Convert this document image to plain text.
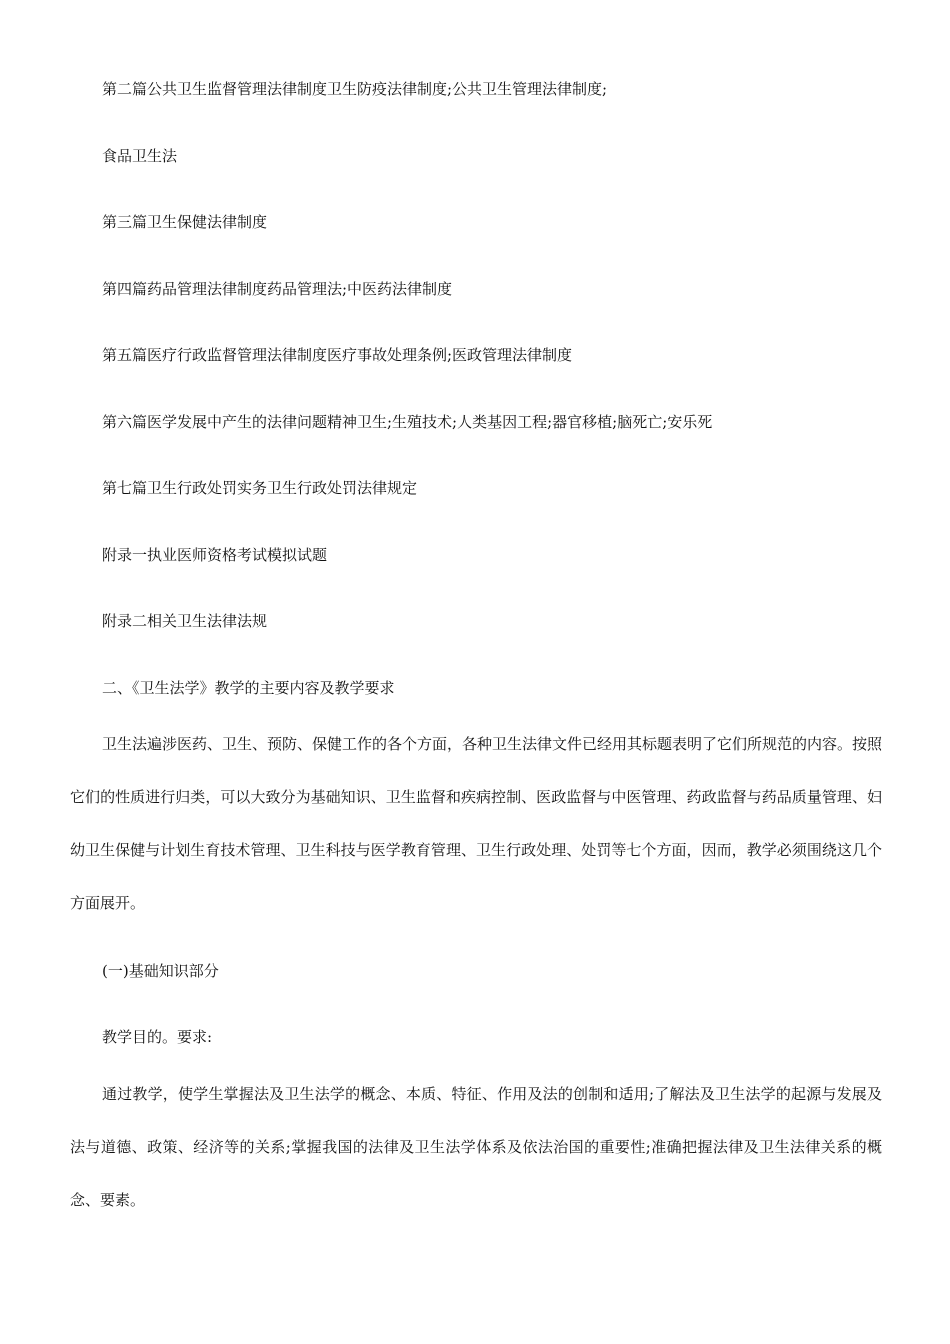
第二篇公共卫生监督管理法律制度卫生防疫法律制度;公共卫生管理法律制度;
食品卫生法
第三篇卫生保健法律制度
第四篇药品管理法律制度药品管理法;中医药法律制度
第五篇医疗行政监督管理法律制度医疗事故处理条例;医政管理法律制度
第六篇医学发展中产生的法律问题精神卫生;生殖技术;人类基因工程;器官移植;脑死亡;安乐死
第七篇卫生行政处罚实务卫生行政处罚法律规定
附录一执业医师资格考试模拟试题
附录二相关卫生法律法规
二、《卫生法学》教学的主要内容及教学要求

卫生法遍涉医药、卫生、预防、保健工作的各个方面，各种卫生法律文件已经用其标题表明了它们所规范的内容。按照它们的性质进行归类，可以大致分为基础知识、卫生监督和疾病控制、医政监督与中医管理、药政监督与药品质量管理、妇幼卫生保健与计划生育技术管理、卫生科技与医学教育管理、卫生行政处理、处罚等七个方面，因而，教学必须围绕这几个方面展开。

(一)基础知识部分
教学目的。要求:

通过教学，使学生掌握法及卫生法学的概念、本质、特征、作用及法的创制和适用;了解法及卫生法学的起源与发展及法与道德、政策、经济等的关系;掌握我国的法律及卫生法学体系及依法治国的重要性;准确把握法律及卫生法律关系的概念、要素。
